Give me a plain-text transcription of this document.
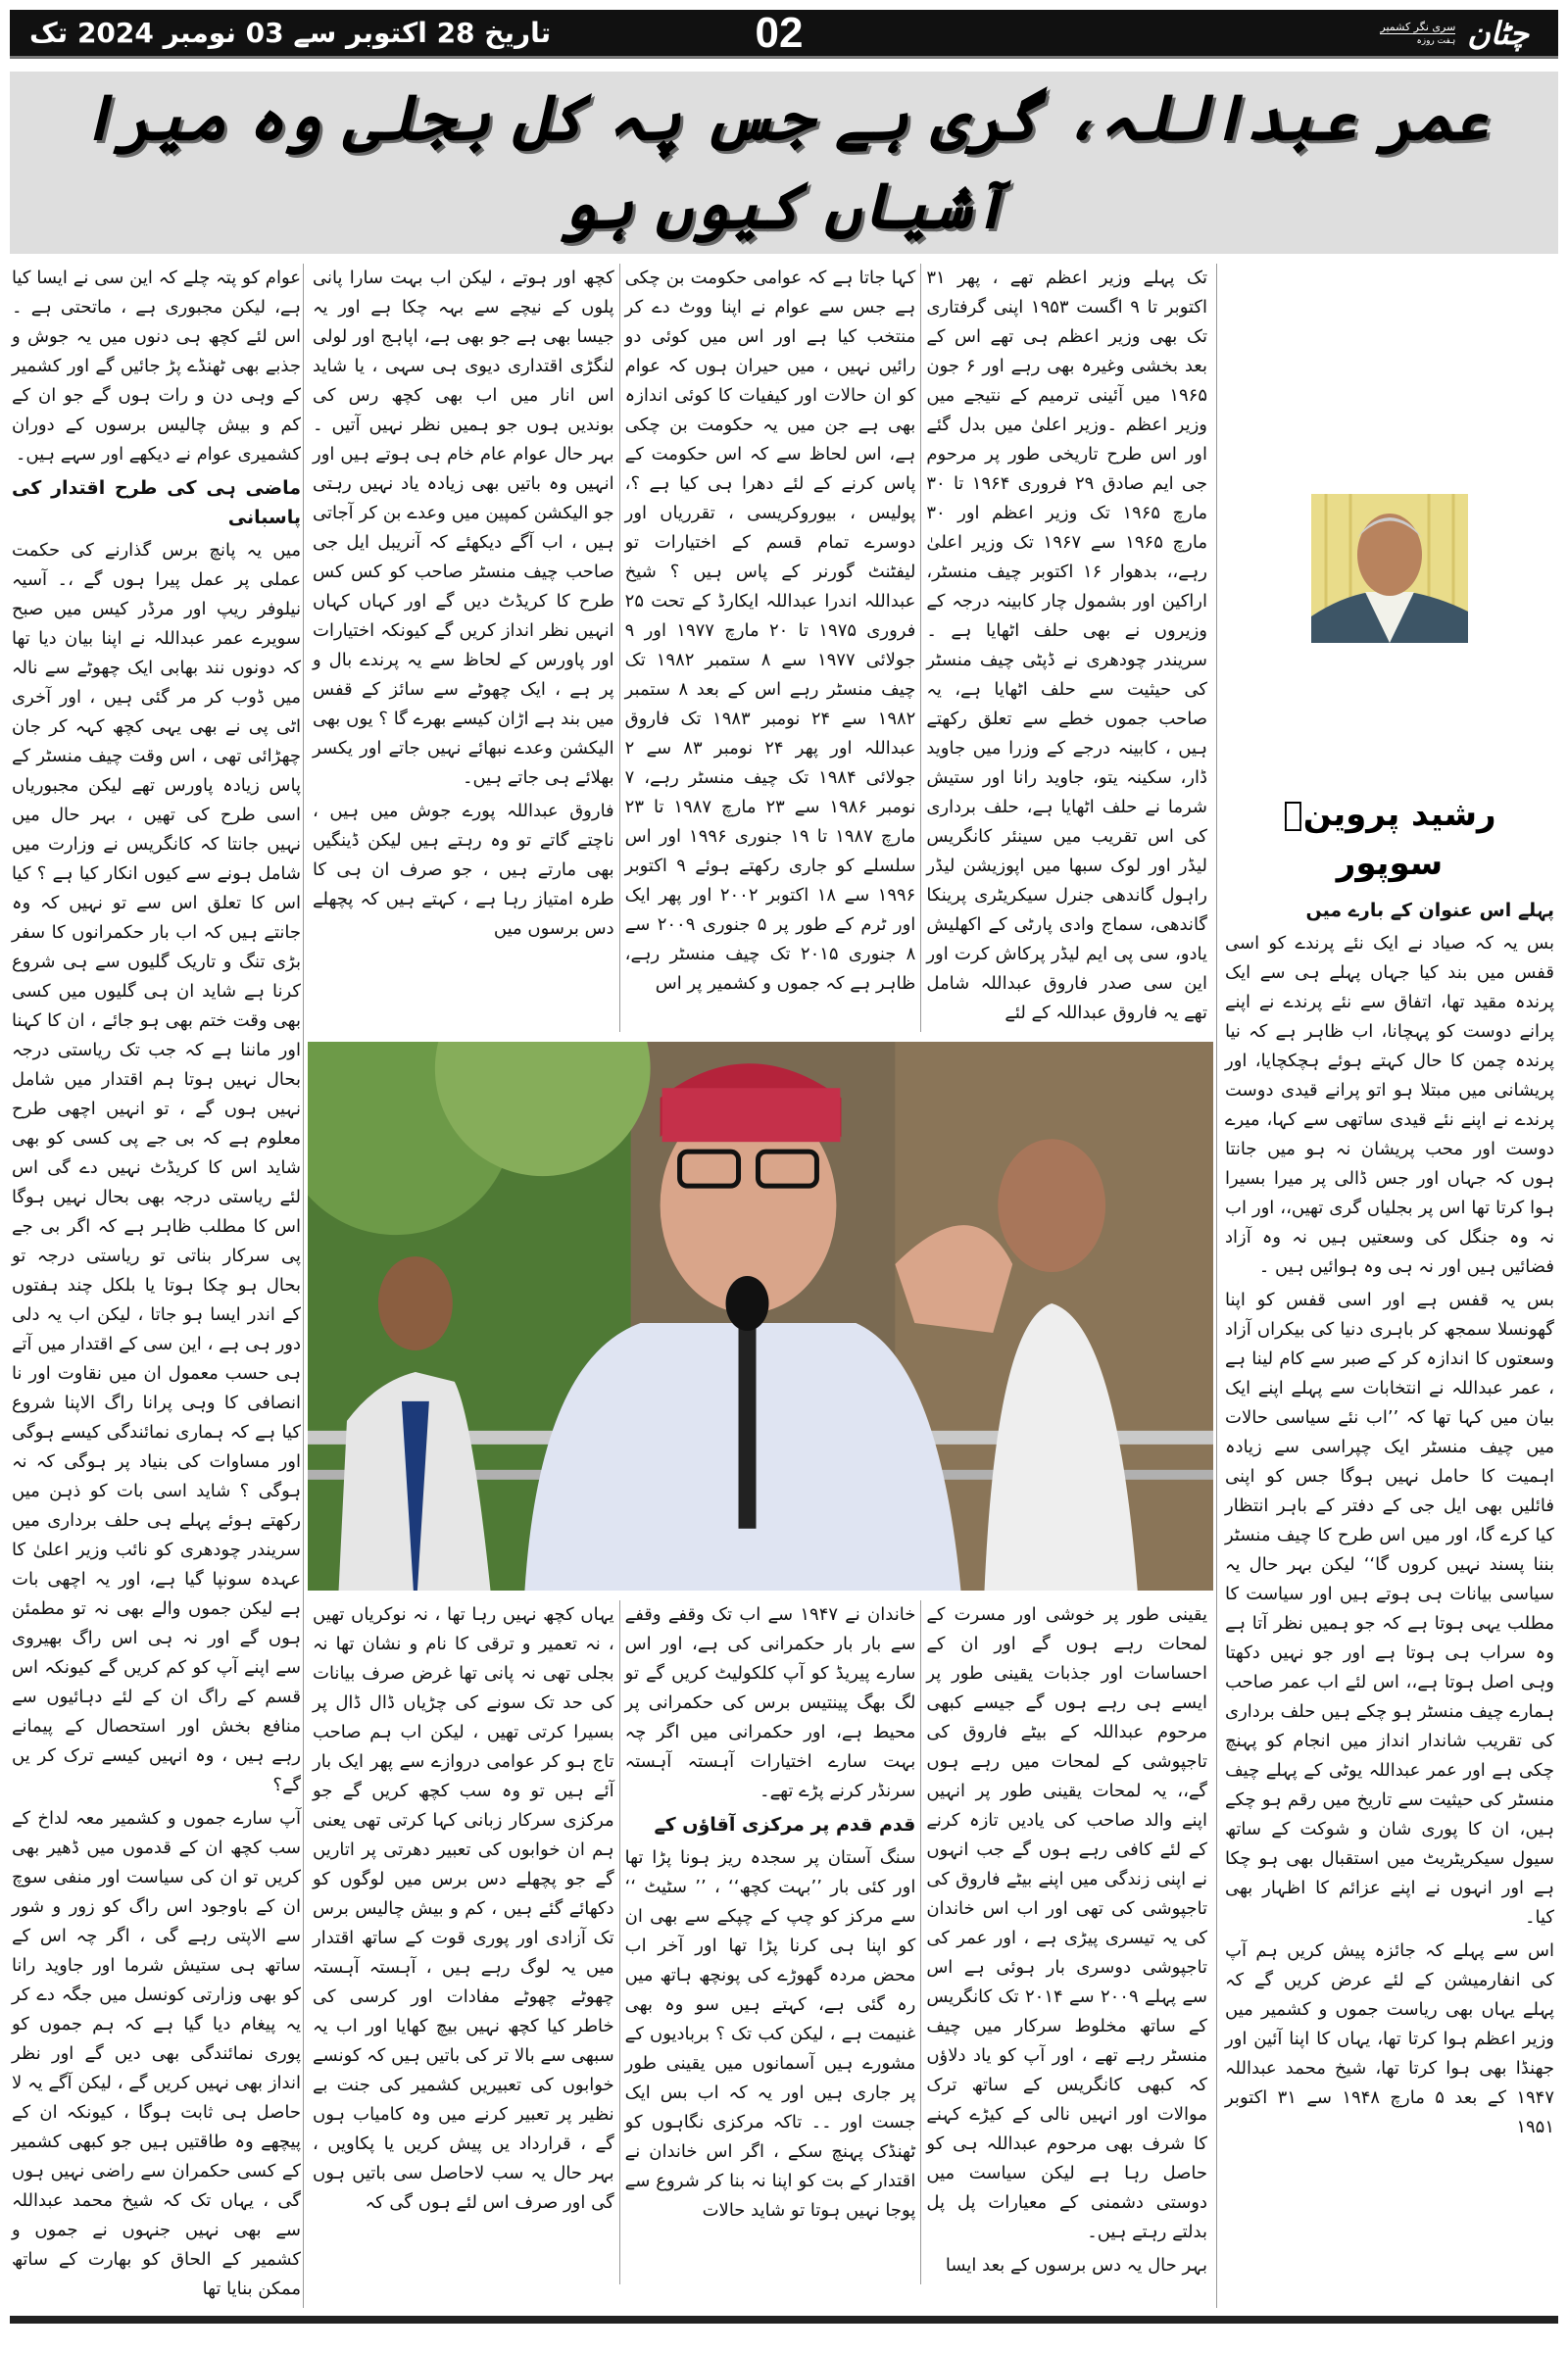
تاریخ 28 اکتوبر سے 03 نومبر 2024 تک	02	سری نگر کشمیر
ہفت روزہ چٹان
عمر عبداللہ، گری ہے جس پہ کل بجلی وہ میرا آشیاں کیوں ہو

عوام کو پتہ چلے کہ این سی نے ایسا کیا ہے، لیکن مجبوری ہے ، ماتحتی ہے ۔اس لئے کچھ ہی دنوں میں یہ جوش و جذبے بھی ٹھنڈے پڑ جائیں گے اور کشمیر کے وہی دن و رات ہوں گے جو ان کے کم و بیش چالیس برسوں کے دوران کشمیری عوام نے دیکھے اور سہے ہیں۔

ماضی ہی کی طرح اقتدار کی پاسبانی

میں یہ پانچ برس گذارنے کی حکمت عملی پر عمل پیرا ہوں گے ،۔ آسیہ نیلوفر ریپ اور مرڈر کیس میں صبح سویرے عمر عبداللہ نے اپنا بیان دیا تھا کہ دونوں نند بھابی ایک چھوٹے سے نالہ میں ڈوب کر مر گئی ہیں ، اور آخری اٹی پی نے بھی یہی کچھ کہہ کر جان چھڑائی تھی ، اس وقت چیف منسٹر کے پاس زیادہ پاورس تھے لیکن مجبوریاں اسی طرح کی تھیں ، بہر حال میں نہیں جانتا کہ کانگریس نے وزارت میں شامل ہونے سے کیوں انکار کیا ہے ؟ کیا اس کا تعلق اس سے تو نہیں کہ وہ جانتے ہیں کہ اب بار حکمرانوں کا سفر بڑی تنگ و تاریک گلیوں سے ہی شروع کرنا ہے شاید ان ہی گلیوں میں کسی بھی وقت ختم بھی ہو جائے ، ان کا کہنا اور ماننا ہے کہ جب تک ریاستی درجہ بحال نہیں ہوتا ہم اقتدار میں شامل نہیں ہوں گے ، تو انہیں اچھی طرح معلوم ہے کہ بی جے پی کسی کو بھی شاید اس کا کریڈٹ نہیں دے گی اس لئے ریاستی درجہ بھی بحال نہیں ہوگا اس کا مطلب ظاہر ہے کہ اگر بی جے پی سرکار بناتی تو ریاستی درجہ تو بحال ہو چکا ہوتا یا بلکل چند ہفتوں کے اندر ایسا ہو جاتا ، لیکن اب یہ دلی دور ہی ہے ، این سی کے اقتدار میں آتے ہی حسب معمول ان میں نقاوت اور نا انصافی کا وہی پرانا راگ الاپنا شروع کیا ہے کہ ہماری نمائندگی کیسے ہوگی اور مساوات کی بنیاد پر ہوگی کہ نہ ہوگی ؟ شاید اسی بات کو ذہن میں رکھتے ہوئے پہلے ہی حلف برداری میں سریندر چودھری کو نائب وزیر اعلیٰ کا عہدہ سونپا گیا ہے، اور یہ اچھی بات ہے لیکن جموں والے بھی نہ تو مطمئن ہوں گے اور نہ ہی اس راگ بھیروی سے اپنے آپ کو کم کریں گے کیونکہ اس قسم کے راگ ان کے لئے دہائیوں سے منافع بخش اور استحصال کے پیمانے رہے ہیں ، وہ انہیں کیسے ترک کر یں گے؟

آپ سارے جموں و کشمیر معہ لداخ کے سب کچھ ان کے قدموں میں ڈھیر بھی کریں تو ان کی سیاست اور منفی سوچ ان کے باوجود اس راگ کو زور و شور سے الاپتی رہے گی ، اگر چہ اس کے ساتھ ہی ستیش شرما اور جاوید رانا کو بھی وزارتی کونسل میں جگہ دے کر یہ پیغام دیا گیا ہے کہ ہم جموں کو پوری نمائندگی بھی دیں گے اور نظر انداز بھی نہیں کریں گے ، لیکن آگے یہ لا حاصل ہی ثابت ہوگا ، کیونکہ ان کے پیچھے وہ طاقتیں ہیں جو کبھی کشمیر کے کسی حکمران سے راضی نہیں ہوں گی ، یہاں تک کہ شیخ محمد عبداللہ سے بھی نہیں جنہوں نے جموں و کشمیر کے الحاق کو بھارت کے ساتھ ممکن بنایا تھا

کچھ اور ہوتے ، لیکن اب بہت سارا پانی پلوں کے نیچے سے بہہ چکا ہے اور یہ جیسا بھی ہے جو بھی ہے، اپاہج اور لولی لنگڑی اقتداری دیوی ہی سہی ، یا شاید اس انار میں اب بھی کچھ رس کی بوندیں ہوں جو ہمیں نظر نہیں آتیں ۔ بہر حال عوام عام خام ہی ہوتے ہیں اور انہیں وہ باتیں بھی زیادہ یاد نہیں رہتی جو الیکشن کمپین میں وعدے بن کر آجاتی ہیں ، اب آگے دیکھئے کہ آنریبل ایل جی صاحب چیف منسٹر صاحب کو کس کس طرح کا کریڈٹ دیں گے اور کہاں کہاں انہیں نظر انداز کریں گے کیونکہ اختیارات اور پاورس کے لحاظ سے یہ پرندے بال و پر ہے ، ایک چھوٹے سے سائز کے قفس میں بند ہے اڑان کیسے بھرے گا ؟ یوں بھی الیکشن وعدے نبھائے نہیں جاتے اور یکسر بھلائے ہی جاتے ہیں۔

فاروق عبداللہ پورے جوش میں ہیں ، ناچتے گاتے تو وہ رہتے ہیں لیکن ڈینگیں بھی مارتے ہیں ، جو صرف ان ہی کا طرہ امتیاز رہا ہے ، کہتے ہیں کہ پچھلے دس برسوں میں

کہا جاتا ہے کہ عوامی حکومت بن چکی ہے جس سے عوام نے اپنا ووٹ دے کر منتخب کیا ہے اور اس میں کوئی دو رائیں نہیں ، میں حیران ہوں کہ عوام کو ان حالات اور کیفیات کا کوئی اندازہ بھی ہے جن میں یہ حکومت بن چکی ہے، اس لحاظ سے کہ اس حکومت کے پاس کرنے کے لئے دھرا ہی کیا ہے ؟، پولیس ، بیوروکریسی ، تقرریاں اور دوسرے تمام قسم کے اختیارات تو لیفٹنٹ گورنر کے پاس ہیں ؟ شیخ عبداللہ اندرا عبداللہ ایکارڈ کے تحت ۲۵ فروری ۱۹۷۵ تا ۲۰ مارچ ۱۹۷۷ اور ۹ جولائی ۱۹۷۷ سے ۸ ستمبر ۱۹۸۲ تک چیف منسٹر رہے اس کے بعد ۸ ستمبر ۱۹۸۲ سے ۲۴ نومبر ۱۹۸۳ تک فاروق عبداللہ اور پھر ۲۴ نومبر ۸۳ سے ۲ جولائی ۱۹۸۴ تک چیف منسٹر رہے، ۷ نومبر ۱۹۸۶ سے ۲۳ مارچ ۱۹۸۷ تا ۲۳ مارچ ۱۹۸۷ تا ۱۹ جنوری ۱۹۹۶ اور اس سلسلے کو جاری رکھتے ہوئے ۹ اکتوبر ۱۹۹۶ سے ۱۸ اکتوبر ۲۰۰۲ اور پھر ایک اور ٹرم کے طور پر ۵ جنوری ۲۰۰۹ سے ۸ جنوری ۲۰۱۵ تک چیف منسٹر رہے، ظاہر ہے کہ جموں و کشمیر پر اس

تک پہلے وزیر اعظم تھے ، پھر ۳۱ اکتوبر تا ۹ اگست ۱۹۵۳ اپنی گرفتاری تک بھی وزیر اعظم ہی تھے اس کے بعد بخشی وغیرہ بھی رہے اور ۶ جون ۱۹۶۵ میں آئینی ترمیم کے نتیجے میں وزیر اعظم ۔وزیر اعلیٰ میں بدل گئے اور اس طرح تاریخی طور پر مرحوم جی ایم صادق ۲۹ فروری ۱۹۶۴ تا ۳۰ مارچ ۱۹۶۵ تک وزیر اعظم اور ۳۰ مارچ ۱۹۶۵ سے ۱۹۶۷ تک وزیر اعلیٰ رہے،، بدھوار ۱۶ اکتوبر چیف منسٹر، اراکین اور بشمول چار کابینہ درجہ کے وزیروں نے بھی حلف اٹھایا ہے ۔سریندر چودھری نے ڈپٹی چیف منسٹر کی حیثیت سے حلف اٹھایا ہے، یہ صاحب جموں خطے سے تعلق رکھتے ہیں ، کابینہ درجے کے وزرا میں جاوید ڈار، سکینہ یتو، جاوید رانا اور ستیش شرما نے حلف اٹھایا ہے، حلف برداری کی اس تقریب میں سینئر کانگریس لیڈر اور لوک سبھا میں اپوزیشن لیڈر راہول گاندھی جنرل سیکریٹری پرینکا گاندھی، سماج وادی پارٹی کے اکھلیش یادو، سی پی ایم لیڈر پرکاش کرت اور این سی صدر فاروق عبداللہ شامل تھے یہ فاروق عبداللہ کے لئے

یہاں کچھ نہیں رہا تھا ، نہ نوکریاں تھیں ، نہ تعمیر و ترقی کا نام و نشان تھا نہ بجلی تھی نہ پانی تھا غرض صرف بیانات کی حد تک سونے کی چڑیاں ڈال ڈال پر بسیرا کرتی تھیں ، لیکن اب ہم صاحب تاج ہو کر عوامی دروازے سے پھر ایک بار آئے ہیں تو وہ سب کچھ کریں گے جو مرکزی سرکار زبانی کہا کرتی تھی یعنی ہم ان خوابوں کی تعبیر دھرتی پر اتاریں گے جو پچھلے دس برس میں لوگوں کو دکھائے گئے ہیں ، کم و بیش چالیس برس تک آزادی اور پوری قوت کے ساتھ اقتدار میں یہ لوگ رہے ہیں ، آہستہ آہستہ چھوٹے چھوٹے مفادات اور کرسی کی خاطر کیا کچھ نہیں بیچ کھایا اور اب یہ سبھی سے بالا تر کی باتیں ہیں کہ کونسے خوابوں کی تعبیریں کشمیر کی جنت بے نظیر پر تعبیر کرنے میں وہ کامیاب ہوں گے ، قرارداد یں پیش کریں یا پکاویں ، بہر حال یہ سب لاحاصل سی باتیں ہوں گی اور صرف اس لئے ہوں گی کہ

خاندان نے ۱۹۴۷ سے اب تک وقفے وقفے سے بار بار حکمرانی کی ہے، اور اس سارے پیریڈ کو آپ کلکولیٹ کریں گے تو لگ بھگ پینتیس برس کی حکمرانی پر محیط ہے، اور حکمرانی میں اگر چہ بہت سارے اختیارات آہستہ آہستہ سرنڈر کرنے پڑے تھے۔

قدم قدم پر مرکزی آقاؤں کے

سنگ آستان پر سجدہ ریز ہونا پڑا تھا اور کئی بار ’’بہت کچھ‘‘ ، ’’ سٹیٹ ‘‘ سے مرکز کو چپ کے چپکے سے بھی ان کو اپنا ہی کرنا پڑا تھا اور آخر اب محض مردہ گھوڑے کی پونچھ ہاتھ میں رہ گئی ہے، کہتے ہیں سو وہ بھی غنیمت ہے ، لیکن کب تک ؟ بربادیوں کے مشورے ہیں آسمانوں میں یقینی طور پر جاری ہیں اور یہ کہ اب بس ایک جست اور ۔۔ تاکہ مرکزی نگاہوں کو ٹھنڈک پہنچ سکے ، اگر اس خاندان نے اقتدار کے بت کو اپنا نہ بنا کر شروع سے پوجا نہیں ہوتا تو شاید حالات

یقینی طور پر خوشی اور مسرت کے لمحات رہے ہوں گے اور ان کے احساسات اور جذبات یقینی طور پر ایسے ہی رہے ہوں گے جیسے کبھی مرحوم عبداللہ کے بیٹے فاروق کی تاجپوشی کے لمحات میں رہے ہوں گے،، یہ لمحات یقینی طور پر انہیں اپنے والد صاحب کی یادیں تازہ کرنے کے لئے کافی رہے ہوں گے جب انہوں نے اپنی زندگی میں اپنے بیٹے فاروق کی تاجپوشی کی تھی اور اب اس خاندان کی یہ تیسری پیڑی ہے ، اور عمر کی تاجپوشی دوسری بار ہوئی ہے اس سے پہلے ۲۰۰۹ سے ۲۰۱۴ تک کانگریس کے ساتھ مخلوط سرکار میں چیف منسٹر رہے تھے ، اور آپ کو یاد دلاؤں کہ کبھی کانگریس کے ساتھ ترک موالات اور انہیں نالی کے کیڑے کہنے کا شرف بھی مرحوم عبداللہ ہی کو حاصل رہا ہے لیکن سیاست میں دوستی دشمنی کے معیارات پل پل بدلتے رہتے ہیں۔

بہر حال یہ دس برسوں کے بعد ایسا

رشید پروینؔ سوپور

پہلے اس عنوان کے بارے میں

بس یہ کہ صیاد نے ایک نئے پرندے کو اسی قفس میں بند کیا جہاں پہلے ہی سے ایک پرندہ مقید تھا، اتفاق سے نئے پرندے نے اپنے پرانے دوست کو پہچانا، اب ظاہر ہے کہ نیا پرندہ چمن کا حال کہتے ہوئے ہچکچایا، اور پریشانی میں مبتلا ہو اتو پرانے قیدی دوست پرندے نے اپنے نئے قیدی ساتھی سے کہا، میرے دوست اور محب پریشان نہ ہو میں جانتا ہوں کہ جہاں اور جس ڈالی پر میرا بسیرا ہوا کرتا تھا اس پر بجلیاں گری تھیں،، اور اب نہ وہ جنگل کی وسعتیں ہیں نہ وہ آزاد فضائیں ہیں اور نہ ہی وہ ہوائیں ہیں ۔

بس یہ قفس ہے اور اسی قفس کو اپنا گھونسلا سمجھ کر باہری دنیا کی بیکراں آزاد وسعتوں کا اندازہ کر کے صبر سے کام لینا ہے ، عمر عبداللہ نے انتخابات سے پہلے اپنے ایک بیان میں کہا تھا کہ ’’اب نئے سیاسی حالات میں چیف منسٹر ایک چپراسی سے زیادہ اہمیت کا حامل نہیں ہوگا جس کو اپنی فائلیں بھی ایل جی کے دفتر کے باہر انتظار کیا کرے گا، اور میں اس طرح کا چیف منسٹر بننا پسند نہیں کروں گا‘‘ لیکن بہر حال یہ سیاسی بیانات ہی ہوتے ہیں اور سیاست کا مطلب یہی ہوتا ہے کہ جو ہمیں نظر آتا ہے وہ سراب ہی ہوتا ہے اور جو نہیں دکھتا وہی اصل ہوتا ہے،، اس لئے اب عمر صاحب ہمارے چیف منسٹر ہو چکے ہیں حلف برداری کی تقریب شاندار انداز میں انجام کو پہنچ چکی ہے اور عمر عبداللہ یوٹی کے پہلے چیف منسٹر کی حیثیت سے تاریخ میں رقم ہو چکے ہیں، ان کا پوری شان و شوکت کے ساتھ سیول سیکریٹریٹ میں استقبال بھی ہو چکا ہے اور انہوں نے اپنے عزائم کا اظہار بھی کیا۔

اس سے پہلے کہ جائزہ پیش کریں ہم آپ کی انفارمیشن کے لئے عرض کریں گے کہ پہلے یہاں بھی ریاست جموں و کشمیر میں وزیر اعظم ہوا کرتا تھا، یہاں کا اپنا آئین اور جھنڈا بھی ہوا کرتا تھا، شیخ محمد عبداللہ ۱۹۴۷ کے بعد ۵ مارچ ۱۹۴۸ سے ۳۱ اکتوبر ۱۹۵۱
